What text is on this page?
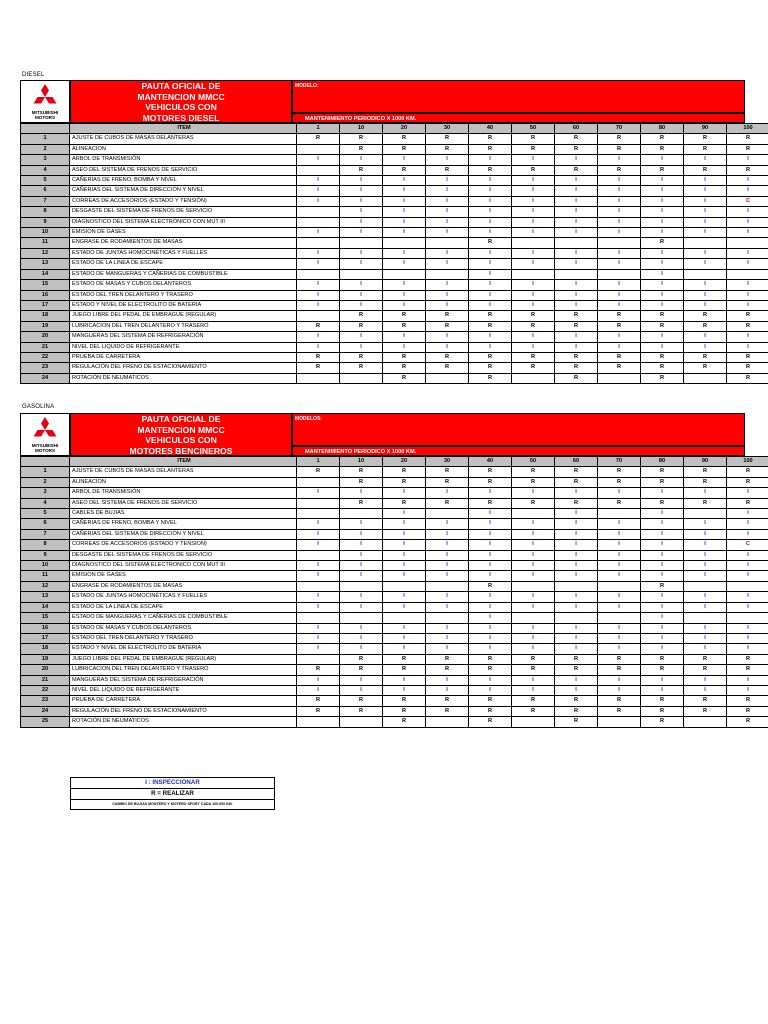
DIESEL
MITSUBISHI
MOTORS
PAUTA OFICIAL DE
MANTENCION MMCC
VEHICULOS CON
MOTORES DIESEL
MODELO:
MANTENIMIENTO PERIODICO X 1000 KM.
	ITEM	1	10	20	30	40	50	60	70	80	90	100
1	AJUSTE DE CUBOS DE MASAS DELANTERAS	R	R	R	R	R	R	R	R	R	R	R
2	ALINEACION		R	R	R	R	R	R	R	R	R	R
3	ARBOL DE TRANSMISIÓN	I	I	I	I	I	I	I	I	I	I	I
4	ASEO DEL SISTEMA DE FRENOS DE SERVICIO		R	R	R	R	R	R	R	R	R	R
5	CAÑERIAS DE FRENO, BOMBA Y NIVEL	I	I	I	I	I	I	I	I	I	I	I
6	CAÑERIAS DEL SISTEMA DE DIRECCIÓN Y NIVEL	I	I	I	I	I	I	I	I	I	I	I
7	CORREAS DE ACCESORIOS (ESTADO Y TENSIÓN)	I	I	I	I	I	I	I	I	I	I	C
8	DESGASTE DEL SISTEMA DE FRENOS DE SERVICIO		I	I	I	I	I	I	I	I	I	I
9	DIAGNOSTICO DEL SISTEMA ELECTRÓNICO CON MUT III		I	I	I	I	I	I	I	I	I	I
10	EMISION DE GASES	I	I	I	I	I	I	I	I	I	I	I
11	ENGRASE DE RODAMIENTOS DE MASAS					R				R		
12	ESTADO DE JUNTAS HOMOCINÉTICAS Y FUELLES	I	I	I	I	I	I	I	I	I	I	I
13	ESTADO DE LA LINEA DE ESCAPE	I	I	I	I	I	I	I	I	I	I	I
14	ESTADO DE MANGUERAS Y CAÑERIAS DE COMBUSTIBLE					I				I		
15	ESTADO DE MASAS Y CUBOS DELANTEROS	I	I	I	I	I	I	I	I	I	I	I
16	ESTADO DEL TREN DELANTERO Y TRASERO	I	I	I	I	I	I	I	I	I	I	I
17	ESTADO Y NIVEL DE ELECTROLITO DE BATERIA	I	I	I	I	I	I	I	I	I	I	I
18	JUEGO LIBRE DEL PEDAL DE EMBRAGUE (REGULAR)		R	R	R	R	R	R	R	R	R	R
19	LUBRICACION DEL TREN DELANTERO Y TRASERO	R	R	R	R	R	R	R	R	R	R	R
20	MANGUERAS DEL SISTEMA DE REFRIGERACIÓN	I	I	I	I	I	I	I	I	I	I	I
21	NIVEL DEL LIQUIDO DE REFRIGERANTE	I	I	I	I	I	I	I	I	I	I	I
22	PRUEBA DE CARRETERA	R	R	R	R	R	R	R	R	R	R	R
23	REGULACIÓN DEL FRENO DE ESTACIONAMIENTO	R	R	R	R	R	R	R	R	R	R	R
24	ROTACIÓN DE NEUMATICOS			R		R		R		R		R
GASOLINA
MITSUBISHI
MOTORS
PAUTA OFICIAL DE
MANTENCION MMCC
VEHICULOS CON
MOTORES BENCINEROS
MODELOS:
MANTENIMIENTO PERIODICO X 1000 KM.
	ITEM	1	10	20	30	40	50	60	70	80	90	100
1	AJUSTE DE CUBOS DE MASAS DELANTERAS	R	R	R	R	R	R	R	R	R	R	R
2	ALINEACION		R	R	R	R	R	R	R	R	R	R
3	ARBOL DE TRANSMISIÓN	I	I	I	I	I	I	I	I	I	I	I
4	ASEO DEL SISTEMA DE FRENOS DE SERVICIO		R	R	R	R	R	R	R	R	R	R
5	CABLES DE BUJIAS			I		I		I		I		I
6	CAÑERIAS DE FRENO, BOMBA Y NIVEL	I	I	I	I	I	I	I	I	I	I	I
7	CAÑERIAS DEL SISTEMA DE DIRECCIÓN Y NIVEL	I	I	I	I	I	I	I	I	I	I	I
8	CORREAS DE ACCESORIOS (ESTADO Y TENSION)	I	I	I	I	I	I	I	I	I	I	C
9	DESGASTE DEL SISTEMA DE FRENOS DE SERVICIO		I	I	I	I	I	I	I	I	I	I
10	DIAGNOSTICO DEL SISTEMA ELECTRONICO CON MUT III	I	I	I	I	I	I	I	I	I	I	I
11	EMISION DE GASES	I	I	I	I	I	I	I	I	I	I	I
12	ENGRASE DE RODAMIENTOS DE MASAS					R				R		
13	ESTADO DE JUNTAS HOMOCINÉTICAS Y FUELLES	I	I	I	I	I	I	I	I	I	I	I
14	ESTADO DE LA LINEA DE ESCAPE	I	I	I	I	I	I	I	I	I	I	I
15	ESTADO DE MANGUERAS Y CAÑERIAS DE COMBUSTIBLE					I				I		
16	ESTADO DE MASAS Y CUBOS DELANTEROS	I	I	I	I	I	I	I	I	I	I	I
17	ESTADO DEL TREN DELANTERO Y TRASERO	I	I	I	I	I	I	I	I	I	I	I
18	ESTADO Y NIVEL DE ELECTROLITO DE BATERIA	I	I	I	I	I	I	I	I	I	I	I
19	JUEGO LIBRE DEL PEDAL DE EMBRAGUE (REGULAR)		R	R	R	R	R	R	R	R	R	R
20	LUBRICACION DEL TREN DELANTERO Y TRASERO	R	R	R	R	R	R	R	R	R	R	R
21	MANGUERAS DEL SISTEMA DE REFRIGERACIÓN	I	I	I	I	I	I	I	I	I	I	I
22	NIVEL DEL LIQUIDO DE REFRIGERANTE	I	I	I	I	I	I	I	I	I	I	I
23	PRUEBA DE CARRETERA	R	R	R	R	R	R	R	R	R	R	R
24	REGULACIÓN DEL FRENO DE ESTACIONAMIENTO	R	R	R	R	R	R	R	R	R	R	R
25	ROTACIÓN DE NEUMATICOS			R		R		R		R		R
I : INSPECCIONAR
R = REALIZAR
CAMBIO DE BUJIAS MONTERO Y MOTERO SPORT CADA 100.000 KM.
